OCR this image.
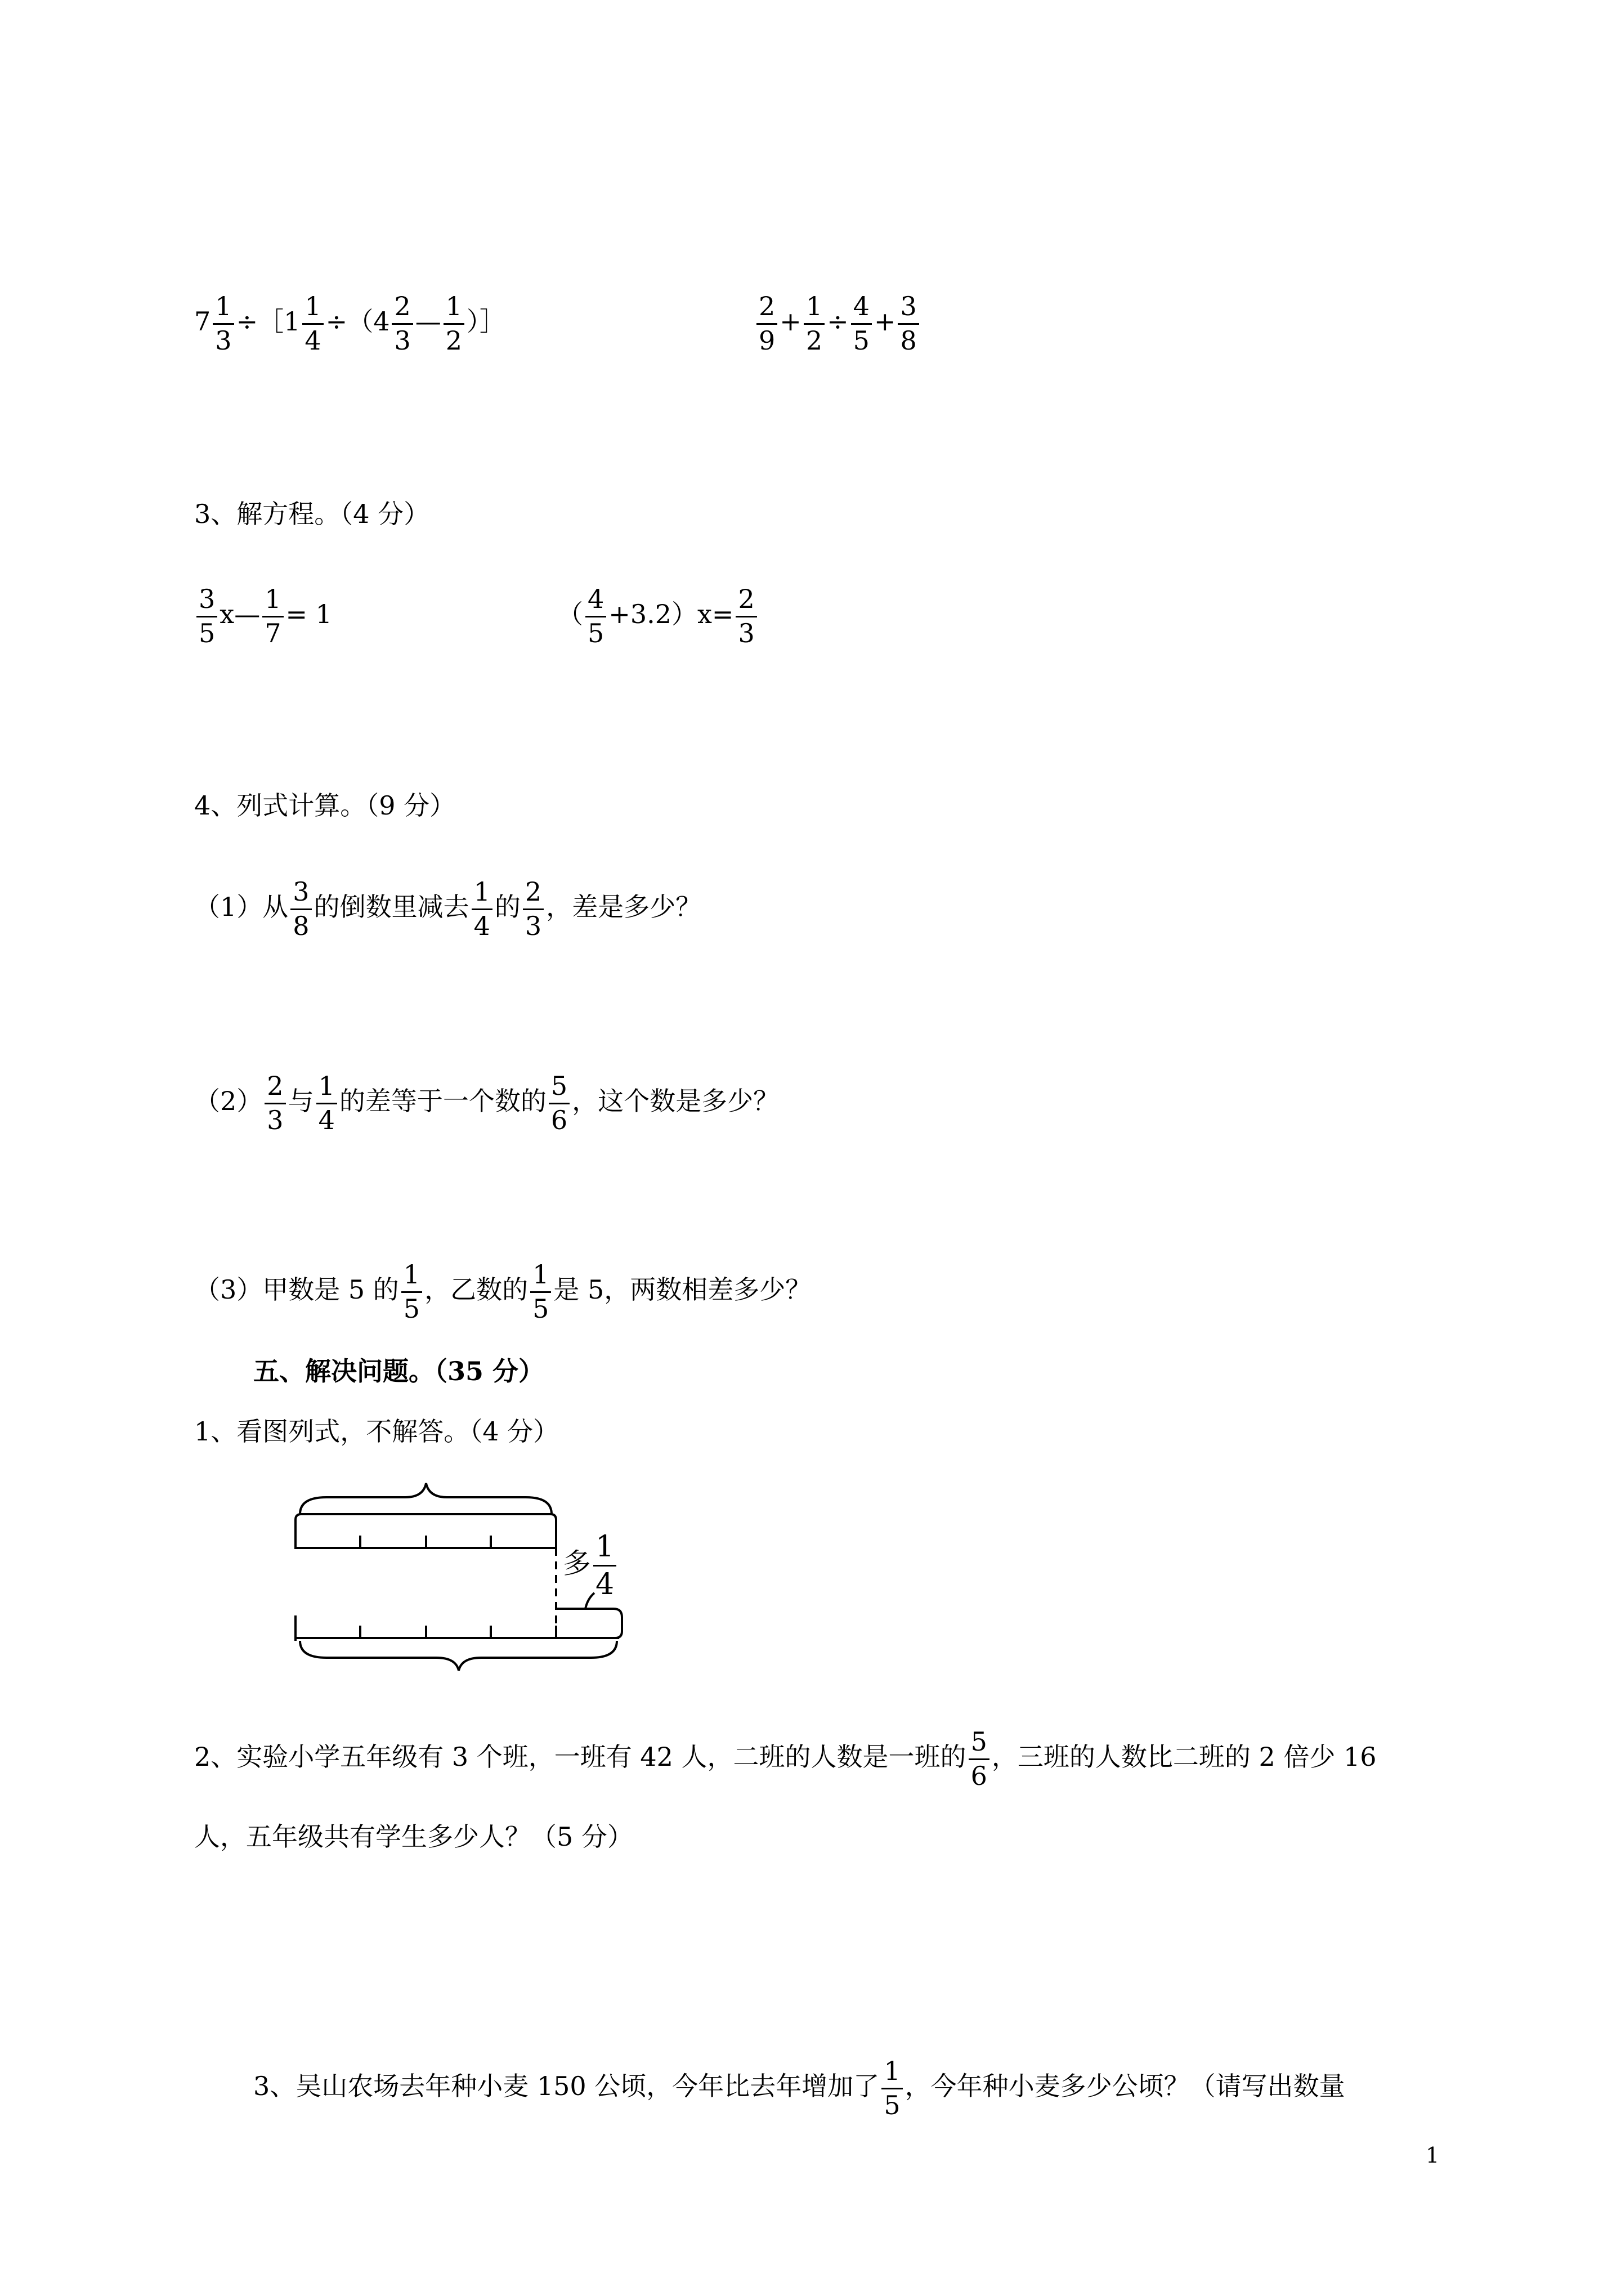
$7 \frac{1}{3}$ ÷［1 $\frac{1}{4} \div(4 \frac{2}{3}$ — $\frac{1}{2}$ ）］	$\frac{2}{9} + \frac{1}{2} \div \frac{4}{5} + \frac{3}{8}$
3、解方程。（4 分）
$\frac{3}{5}$ x— $\frac{1}{7} = 1$	（ $\frac{4}{5} +3.2)x= \frac{2}{3}$
4、列式计算。（9 分）
（1）从 $\frac{3}{8}$ 的倒数里减去 $\frac{1}{4}$ 的 $\frac{2}{3}$ ，差是多少？
$(2) \frac{2}{3}$ 与 $\frac{1}{4}$ 的差等于一个数的 $\frac{5}{6}$ ，这个数是多少？
（3）甲数是 5 的 $\frac{1}{5}$ ，乙数的 $\frac{1}{5}$ 是 5，两数相差多少？
五、解决问题。（35 分）
1、看图列式，不解答。（4 分）
多 $\frac{1}{4}$
2、实验小学五年级有 3 个班，一班有 42 人，二班的人数是一班的 $\frac{5}{6}$ ，三班的人数比二班的 2 倍少 16
人，五年级共有学生多少人？（5 分）
3、吴山农场去年种小麦 150 公顷，今年比去年增加了 $\frac{1}{5}$ ，今年种小麦多少公顷？（请写出数量
1
